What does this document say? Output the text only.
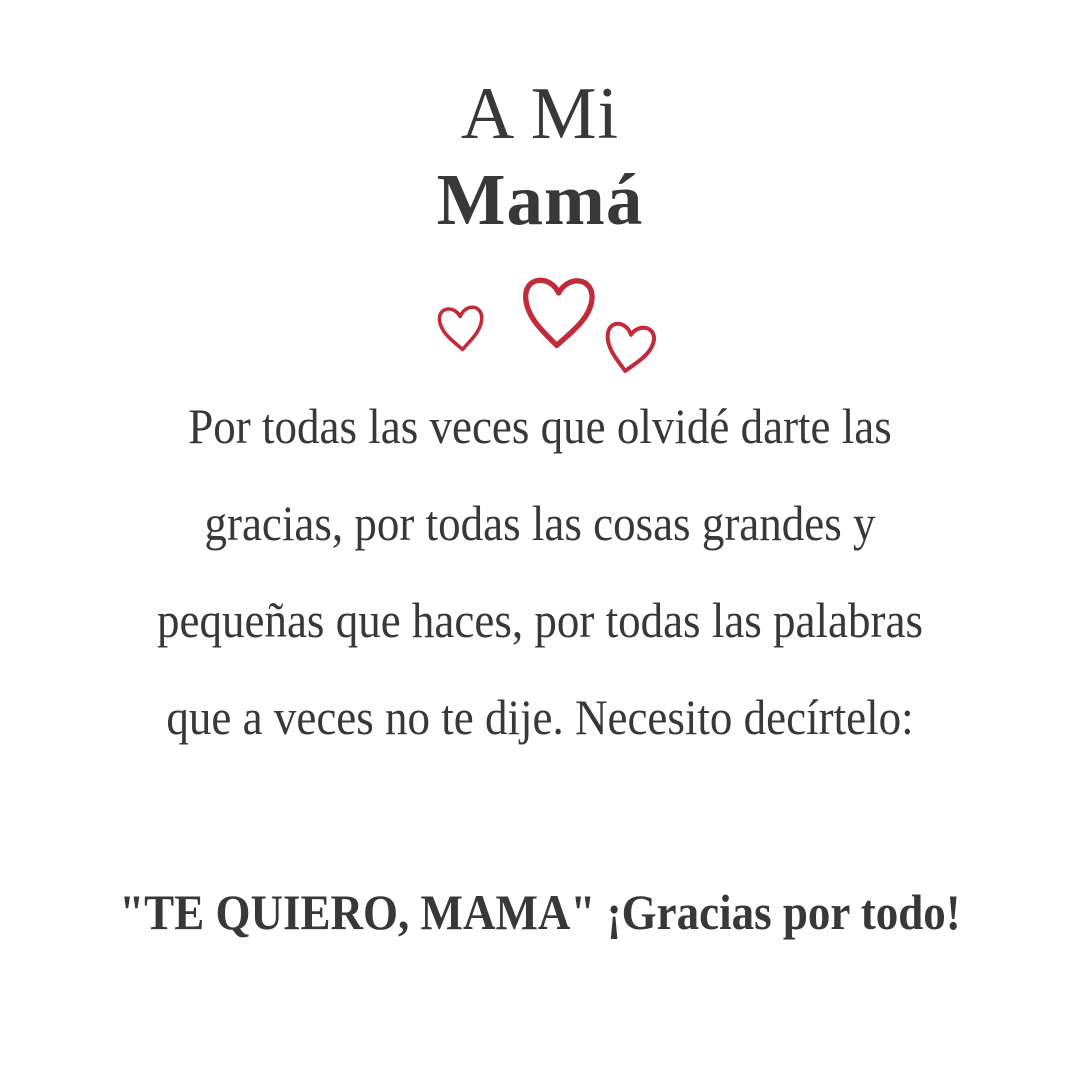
A Mi
Mamá
Por todas las veces que olvidé darte las
gracias, por todas las cosas grandes y
pequeñas que haces, por todas las palabras
que a veces no te dije. Necesito decírtelo:
"TE QUIERO, MAMA" ¡Gracias por todo!
